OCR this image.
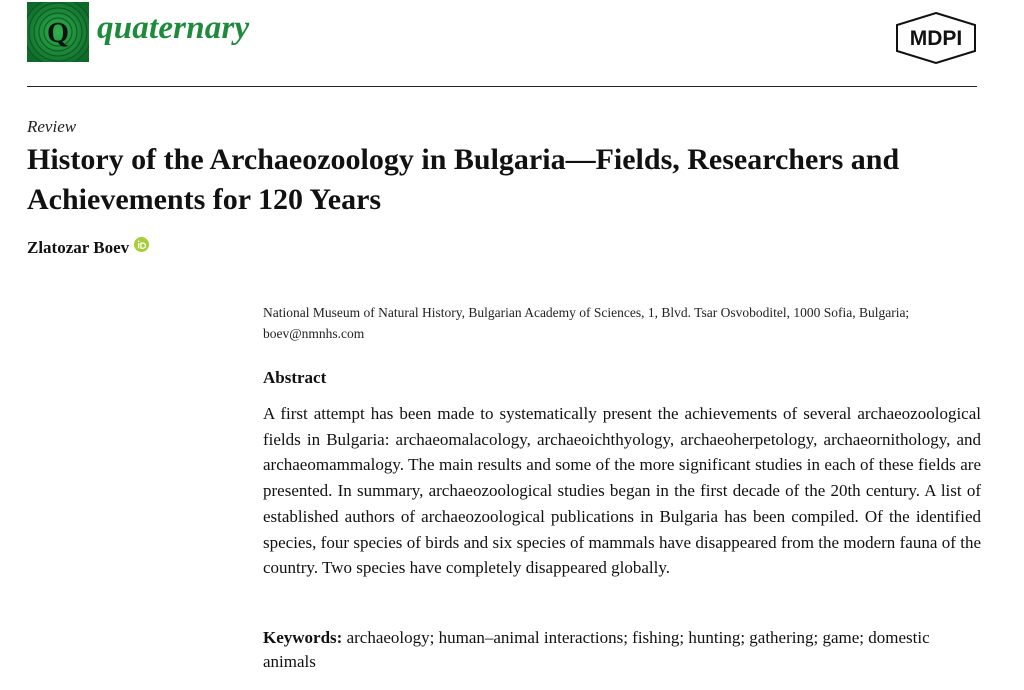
Q quaternary	MDPI
Review
History of the Archaeozoology in Bulgaria—Fields, Researchers and Achievements for 120 Years
Zlatozar Boev
National Museum of Natural History, Bulgarian Academy of Sciences, 1, Blvd. Tsar Osvoboditel, 1000 Sofia, Bulgaria; boev@nmnhs.com
Abstract
A first attempt has been made to systematically present the achievements of several archaeozoological fields in Bulgaria: archaeomalacology, archaeoichthyology, archaeoherpetology, archaeornithology, and archaeomammalogy. The main results and some of the more significant studies in each of these fields are presented. In summary, archaeozoological studies began in the first decade of the 20th century. A list of established authors of archaeozoological publications in Bulgaria has been compiled. Of the identified species, four species of birds and six species of mammals have disappeared from the modern fauna of the country. Two species have completely disappeared globally.
Keywords: archaeology; human–animal interactions; fishing; hunting; gathering; game; domestic animals
